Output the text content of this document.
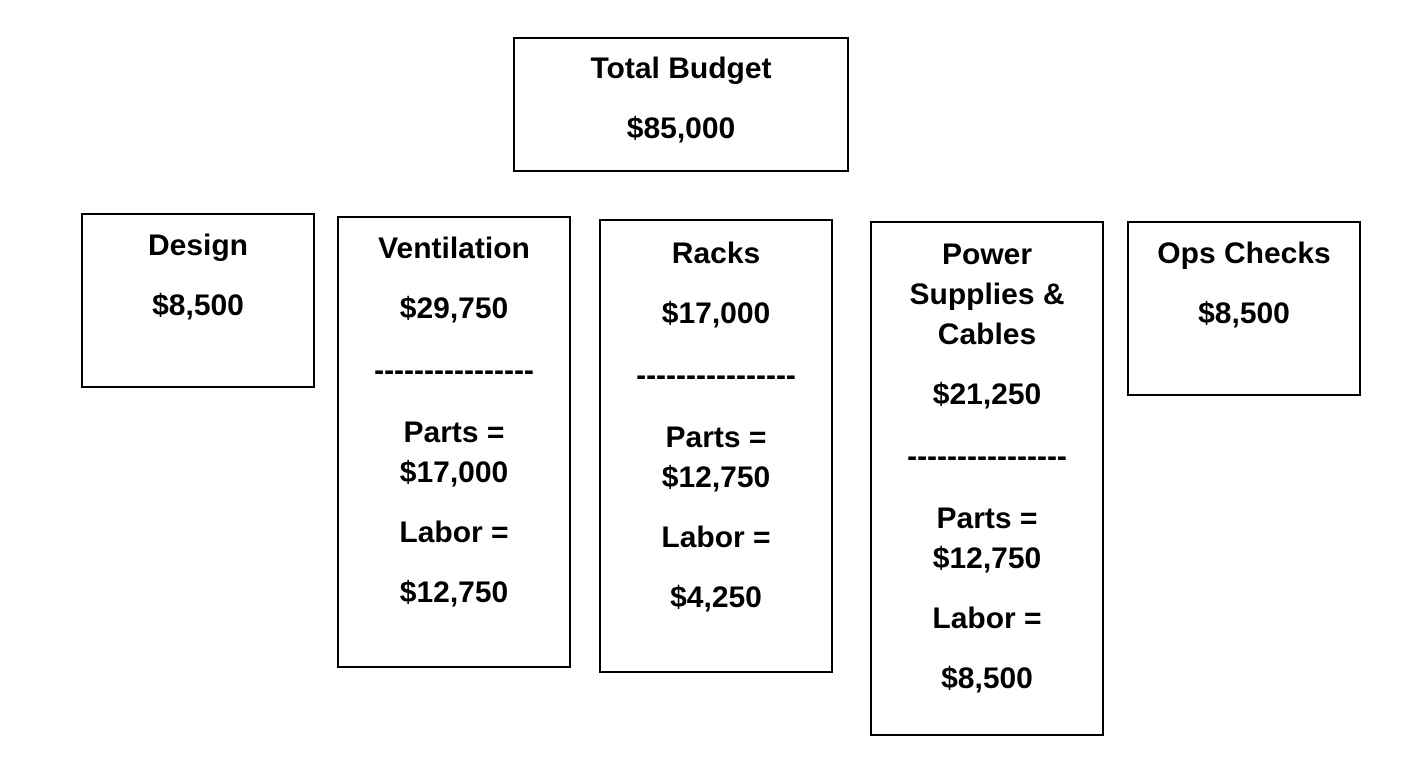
Total Budget
$85,000
Design
$8,500
Ventilation
$29,750
----------------
Parts =
$17,000
Labor =
$12,750
Racks
$17,000
----------------
Parts =
$12,750
Labor =
$4,250
Power
Supplies &
Cables
$21,250
----------------
Parts =
$12,750
Labor =
$8,500
Ops Checks
$8,500
